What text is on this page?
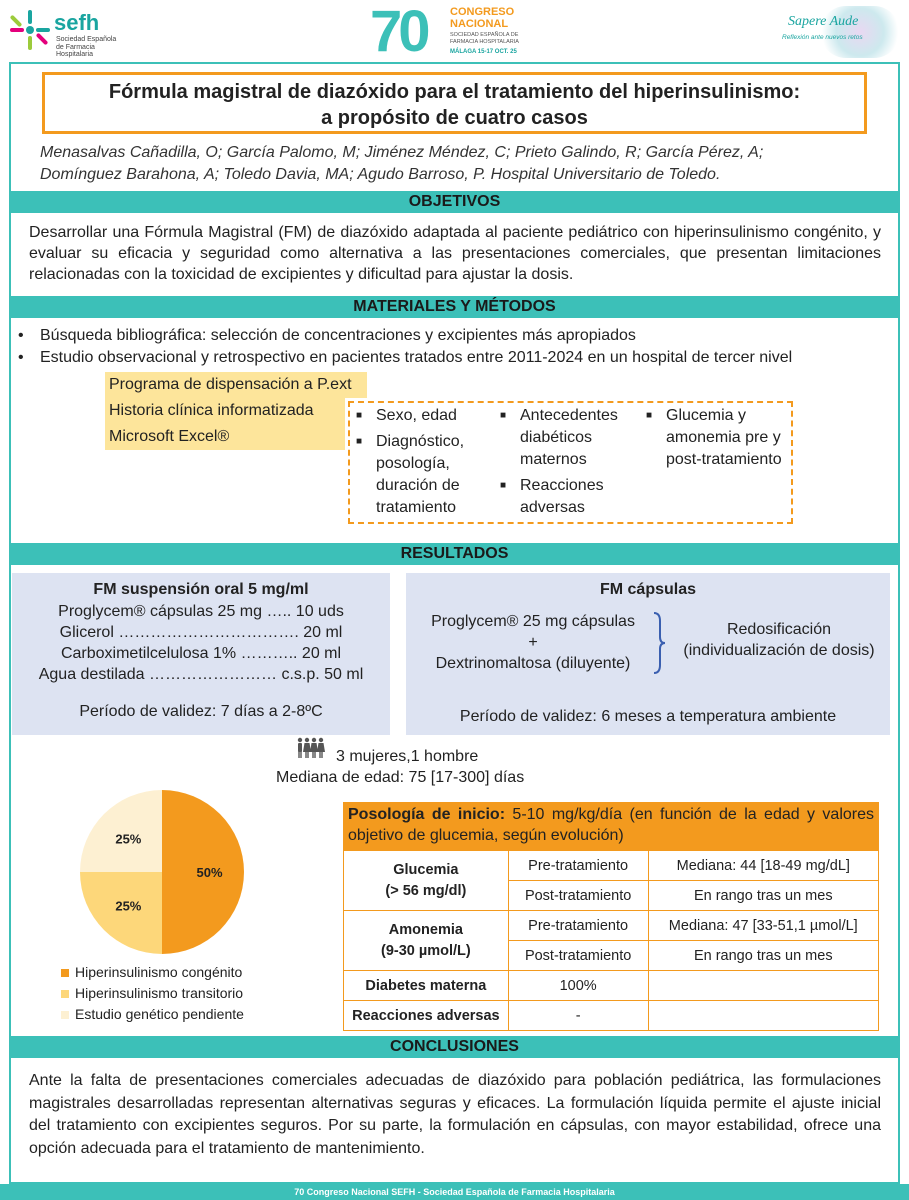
sefh
Sociedad Española
de Farmacia Hospitalaria	70 CONGRESO
NACIONAL
SOCIEDAD ESPAÑOLA DE
FARMACIA HOSPITALARIA
MÁLAGA 15-17 OCT. 25
Sapere Aude
Reflexión ante nuevos retos
Fórmula magistral de diazóxido para el tratamiento del hiperinsulinismo:
a propósito de cuatro casos
Menasalvas Cañadilla, O; García Palomo, M; Jiménez Méndez, C; Prieto Galindo, R; García Pérez, A;
Domínguez Barahona, A; Toledo Davia, MA; Agudo Barroso, P. Hospital Universitario de Toledo.
OBJETIVOS
Desarrollar una Fórmula Magistral (FM) de diazóxido adaptada al paciente pediátrico con hiperinsulinismo congénito, y evaluar su eficacia y seguridad como alternativa a las presentaciones comerciales, que presentan limitaciones relacionadas con la toxicidad de excipientes y dificultad para ajustar la dosis.
MATERIALES Y MÉTODOS
• Búsqueda bibliográfica: selección de concentraciones y excipientes más apropiados
• Estudio observacional y retrospectivo en pacientes tratados entre 2011-2024 en un hospital de tercer nivel
Programa de dispensación a P.ext
Historia clínica informatizada
Microsoft Excel®
■ Sexo, edad
■ Diagnóstico, posología, duración de tratamiento
■ Antecedentes diabéticos maternos
■ Reacciones adversas
■ Glucemia y amonemia pre y post-tratamiento
RESULTADOS
FM suspensión oral 5 mg/ml
Proglycem® cápsulas 25 mg ….. 10 uds
Glicerol ……………………………. 20 ml
Carboximetilcelulosa 1% ……….. 20 ml
Agua destilada …………………… c.s.p. 50 ml
Período de validez: 7 días a 2-8ºC
FM cápsulas
Proglycem® 25 mg cápsulas
+
Dextrinomaltosa (diluyente)
Redosificación
(individualización de dosis)
Período de validez: 6 meses a temperatura ambiente
3 mujeres,1 hombre
Mediana de edad: 75 [17-300] días
50%
25%
25%
Hiperinsulinismo congénito
Hiperinsulinismo transitorio
Estudio genético pendiente
Posología de inicio: 5-10 mg/kg/día (en función de la edad y valores objetivo de glucemia, según evolución)
Glucemia
(> 56 mg/dl)	Pre-tratamiento	Mediana: 44 [18-49 mg/dL]
	Post-tratamiento	En rango tras un mes

Amonemia
(9-30 µmol/L)	Pre-tratamiento	Mediana: 47 [33-51,1 µmol/L]
	Post-tratamiento	En rango tras un mes
Diabetes materna	100%	
Reacciones adversas	-	
CONCLUSIONES
Ante la falta de presentaciones comerciales adecuadas de diazóxido para población pediátrica, las formulaciones magistrales desarrolladas representan alternativas seguras y eficaces. La formulación líquida permite el ajuste inicial del tratamiento con excipientes seguros. Por su parte, la formulación en cápsulas, con mayor estabilidad, ofrece una opción adecuada para el tratamiento de mantenimiento.
70 Congreso Nacional SEFH - Sociedad Española de Farmacia Hospitalaria
